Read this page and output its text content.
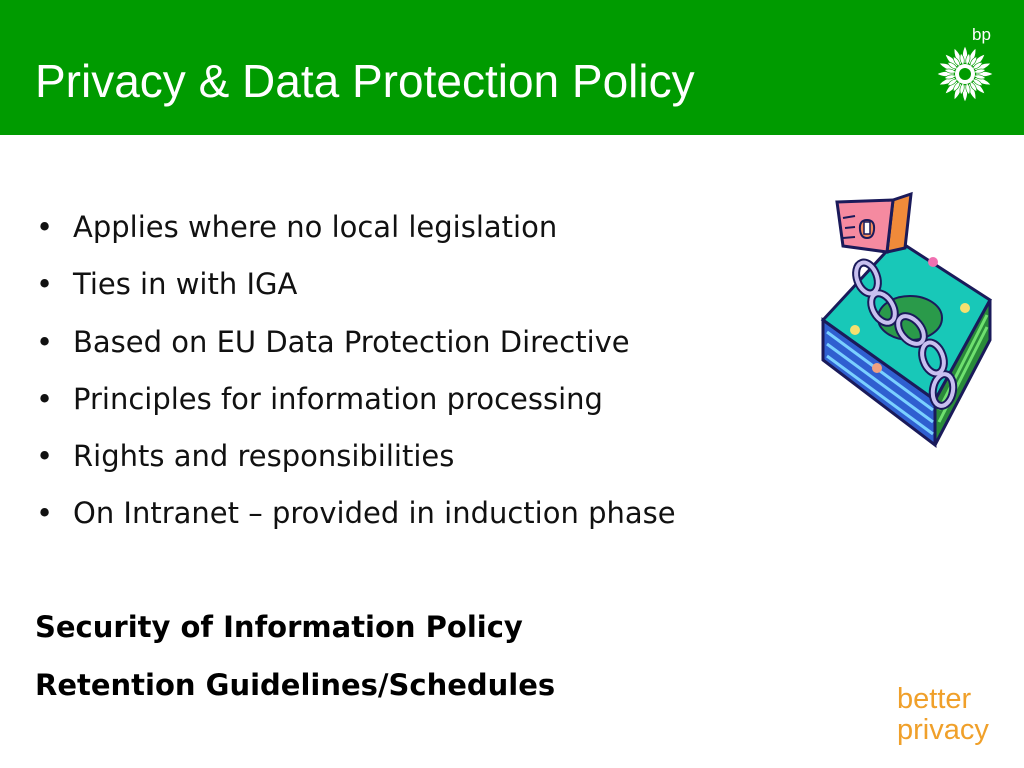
Privacy & Data Protection Policy
bp
• Applies where no local legislation
• Ties in with IGA
• Based on EU Data Protection Directive
• Principles for information processing
• Rights and responsibilities
• On Intranet – provided in induction phase
Security of Information Policy
Retention Guidelines/Schedules	better
privacy
